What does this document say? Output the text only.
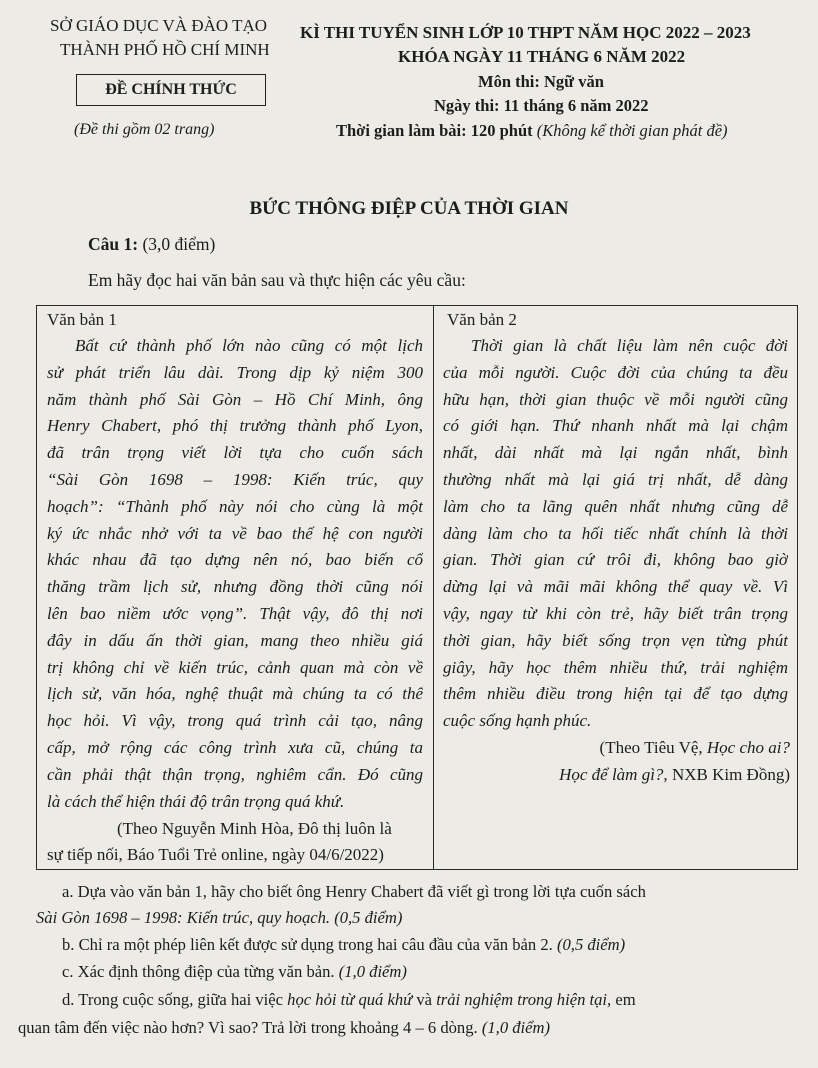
SỞ GIÁO DỤC VÀ ĐÀO TẠO
THÀNH PHỐ HỒ CHÍ MINH
ĐỀ CHÍNH THỨC
(Đề thi gồm 02 trang)
KÌ THI TUYỂN SINH LỚP 10 THPT NĂM HỌC 2022 – 2023
KHÓA NGÀY 11 THÁNG 6 NĂM 2022
Môn thi: Ngữ văn
Ngày thi: 11 tháng 6 năm 2022
Thời gian làm bài: 120 phút (Không kể thời gian phát đề)
BỨC THÔNG ĐIỆP CỦA THỜI GIAN
Câu 1: (3,0 điểm)
Em hãy đọc hai văn bản sau và thực hiện các yêu cầu:
Văn bản 1
Bất cứ thành phố lớn nào cũng có một lịch
sử phát triển lâu dài. Trong dịp kỷ niệm 300
năm thành phố Sài Gòn – Hồ Chí Minh, ông
Henry Chabert, phó thị trưởng thành phố Lyon,
đã trân trọng viết lời tựa cho cuốn sách
“Sài Gòn 1698 – 1998: Kiến trúc, quy
hoạch”: “Thành phố này nói cho cùng là một
ký ức nhắc nhở với ta về bao thế hệ con người
khác nhau đã tạo dựng nên nó, bao biến cố
thăng trầm lịch sử, nhưng đồng thời cũng nói
lên bao niềm ước vọng”. Thật vậy, đô thị nơi
đây in dấu ấn thời gian, mang theo nhiều giá
trị không chỉ về kiến trúc, cảnh quan mà còn về
lịch sử, văn hóa, nghệ thuật mà chúng ta có thể
học hỏi. Vì vậy, trong quá trình cải tạo, nâng
cấp, mở rộng các công trình xưa cũ, chúng ta
cần phải thật thận trọng, nghiêm cẩn. Đó cũng
là cách thể hiện thái độ trân trọng quá khứ.
(Theo Nguyễn Minh Hòa, Đô thị luôn là
sự tiếp nối, Báo Tuổi Trẻ online, ngày 04/6/2022)
Văn bản 2
Thời gian là chất liệu làm nên cuộc đời
của mỗi người. Cuộc đời của chúng ta đều
hữu hạn, thời gian thuộc về mỗi người cũng
có giới hạn. Thứ nhanh nhất mà lại chậm
nhất, dài nhất mà lại ngắn nhất, bình
thường nhất mà lại giá trị nhất, dễ dàng
làm cho ta lãng quên nhất nhưng cũng dễ
dàng làm cho ta hối tiếc nhất chính là thời
gian. Thời gian cứ trôi đi, không bao giờ
dừng lại và mãi mãi không thể quay về. Vì
vậy, ngay từ khi còn trẻ, hãy biết trân trọng
thời gian, hãy biết sống trọn vẹn từng phút
giây, hãy học thêm nhiều thứ, trải nghiệm
thêm nhiều điều trong hiện tại để tạo dựng
cuộc sống hạnh phúc.
(Theo Tiêu Vệ, Học cho ai?
Học để làm gì?, NXB Kim Đồng)
a. Dựa vào văn bản 1, hãy cho biết ông Henry Chabert đã viết gì trong lời tựa cuốn sách
Sài Gòn 1698 – 1998: Kiến trúc, quy hoạch. (0,5 điểm)
b. Chỉ ra một phép liên kết được sử dụng trong hai câu đầu của văn bản 2. (0,5 điểm)
c. Xác định thông điệp của từng văn bản. (1,0 điểm)
d. Trong cuộc sống, giữa hai việc học hỏi từ quá khứ và trải nghiệm trong hiện tại, em
quan tâm đến việc nào hơn? Vì sao? Trả lời trong khoảng 4 – 6 dòng. (1,0 điểm)
